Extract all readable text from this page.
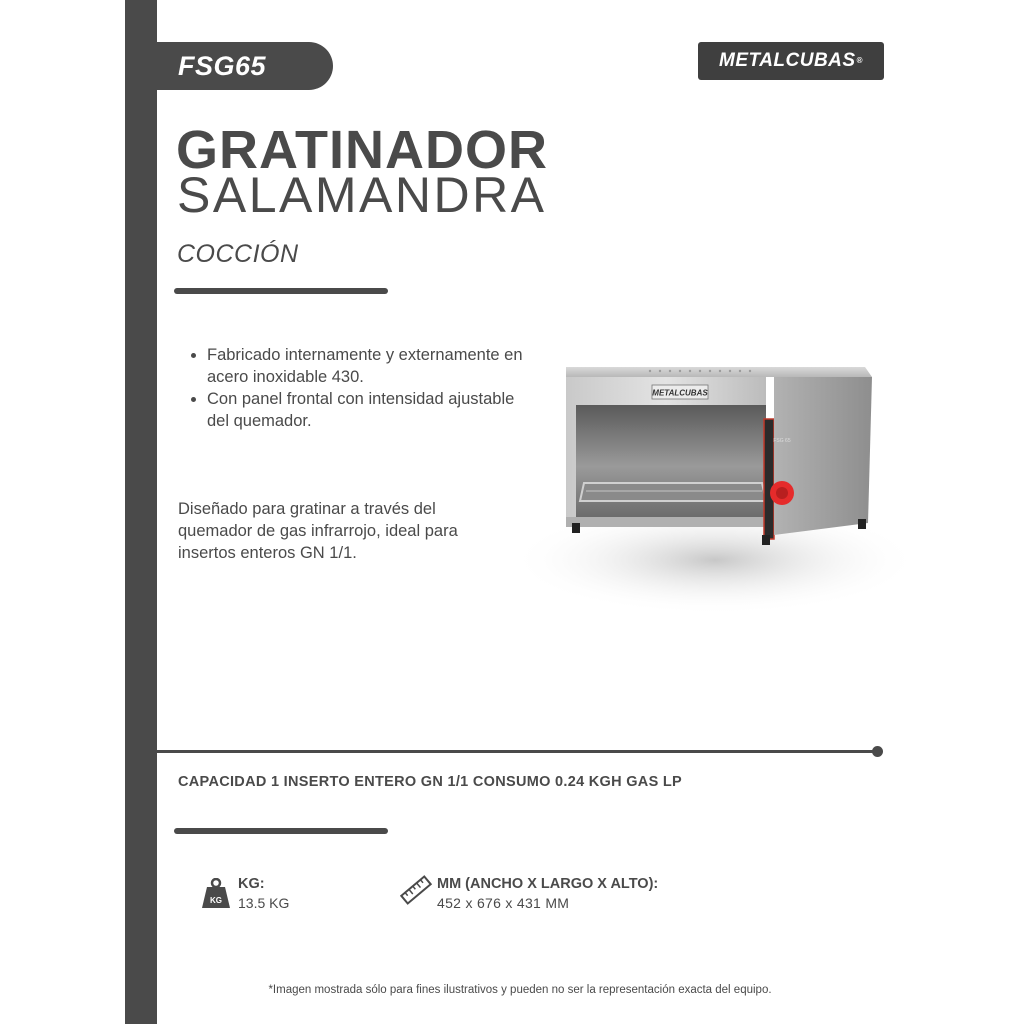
FSG65	METALCUBAS®
GRATINADOR
SALAMANDRA
COCCIÓN
• Fabricado internamente y externamente en acero inoxidable 430.
• Con panel frontal con intensidad ajustable del quemador.

Diseñado para gratinar a través del quemador de gas infrarrojo, ideal para insertos enteros GN 1/1.

METALCUBAS
FSG 65
CAPACIDAD 1 INSERTO ENTERO GN 1/1 CONSUMO 0.24 KGH GAS LP
KG
KG:
13.5 KG
MM (ANCHO X LARGO X ALTO):
452 x 676 x 431 MM
*Imagen mostrada sólo para fines ilustrativos y pueden no ser la representación exacta del equipo.
